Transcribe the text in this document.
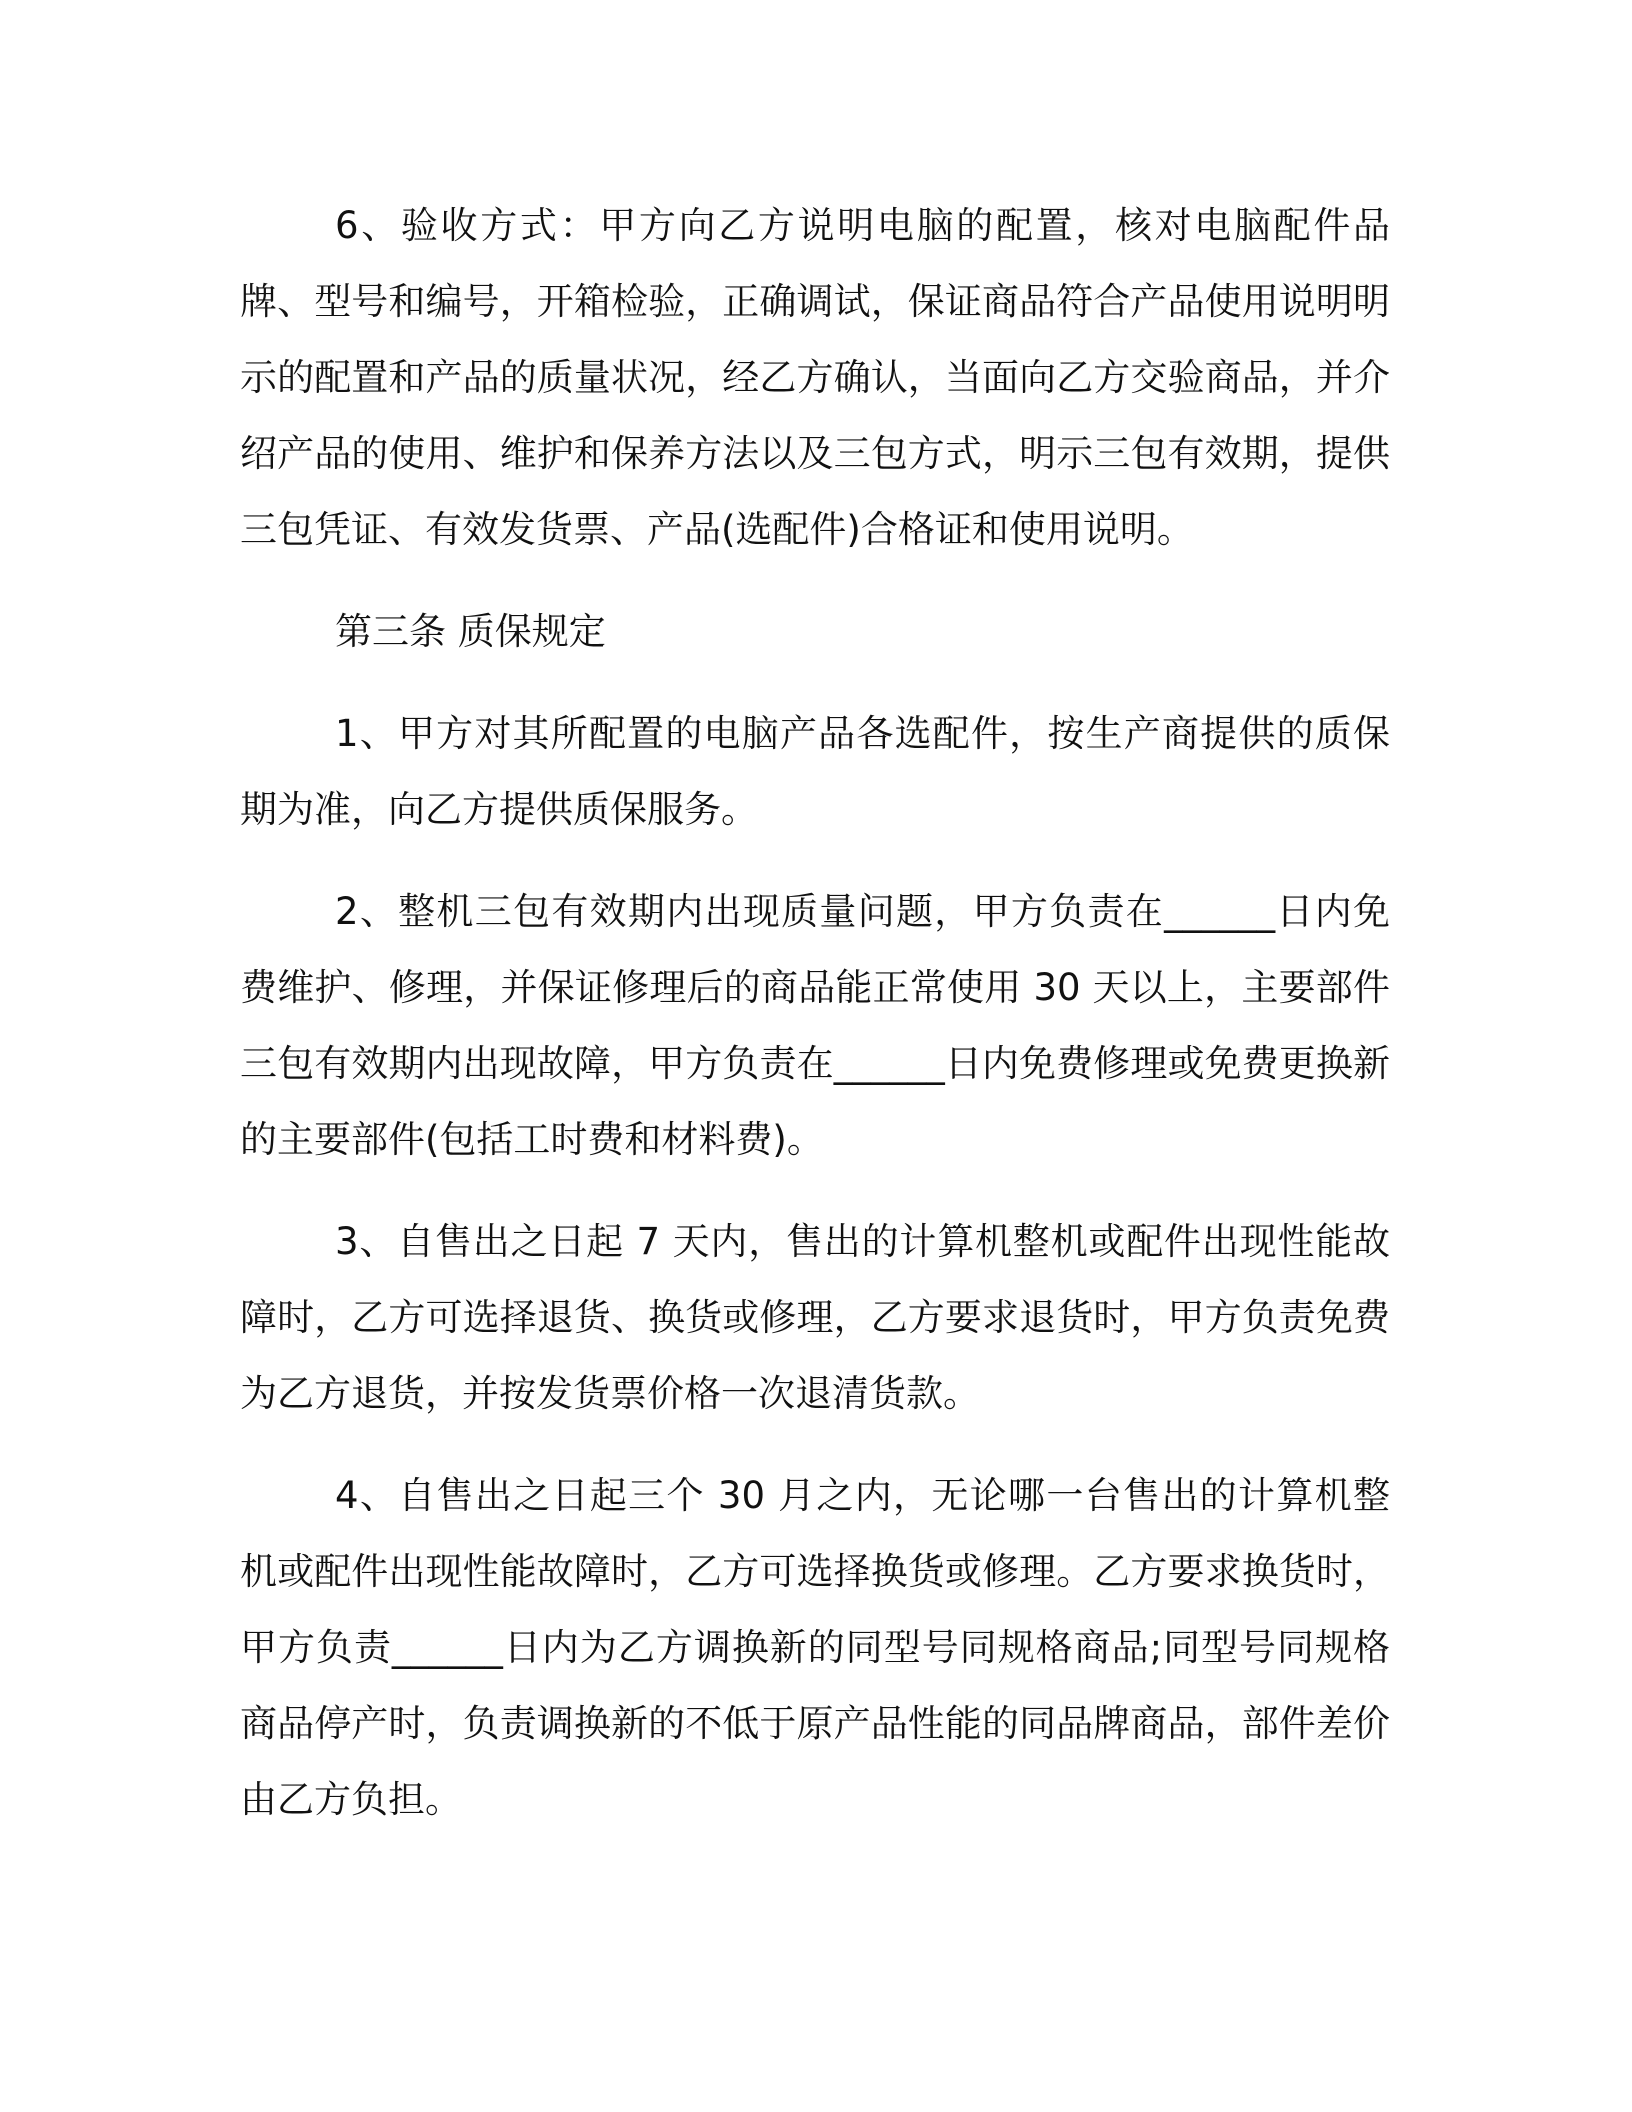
6、验收方式：甲方向乙方说明电脑的配置，核对电脑配件品牌、型号和编号，开箱检验，正确调试，保证商品符合产品使用说明明示的配置和产品的质量状况，经乙方确认，当面向乙方交验商品，并介绍产品的使用、维护和保养方法以及三包方式，明示三包有效期，提供三包凭证、有效发货票、产品(选配件)合格证和使用说明。

第三条 质保规定

1、甲方对其所配置的电脑产品各选配件，按生产商提供的质保期为准，向乙方提供质保服务。

2、整机三包有效期内出现质量问题，甲方负责在______日内免费维护、修理，并保证修理后的商品能正常使用 30 天以上，主要部件三包有效期内出现故障，甲方负责在______日内免费修理或免费更换新的主要部件(包括工时费和材料费)。

3、自售出之日起 7 天内，售出的计算机整机或配件出现性能故障时，乙方可选择退货、换货或修理，乙方要求退货时，甲方负责免费为乙方退货，并按发货票价格一次退清货款。

4、自售出之日起三个 30 月之内，无论哪一台售出的计算机整机或配件出现性能故障时，乙方可选择换货或修理。乙方要求换货时，甲方负责______日内为乙方调换新的同型号同规格商品;同型号同规格商品停产时，负责调换新的不低于原产品性能的同品牌商品，部件差价由乙方负担。
